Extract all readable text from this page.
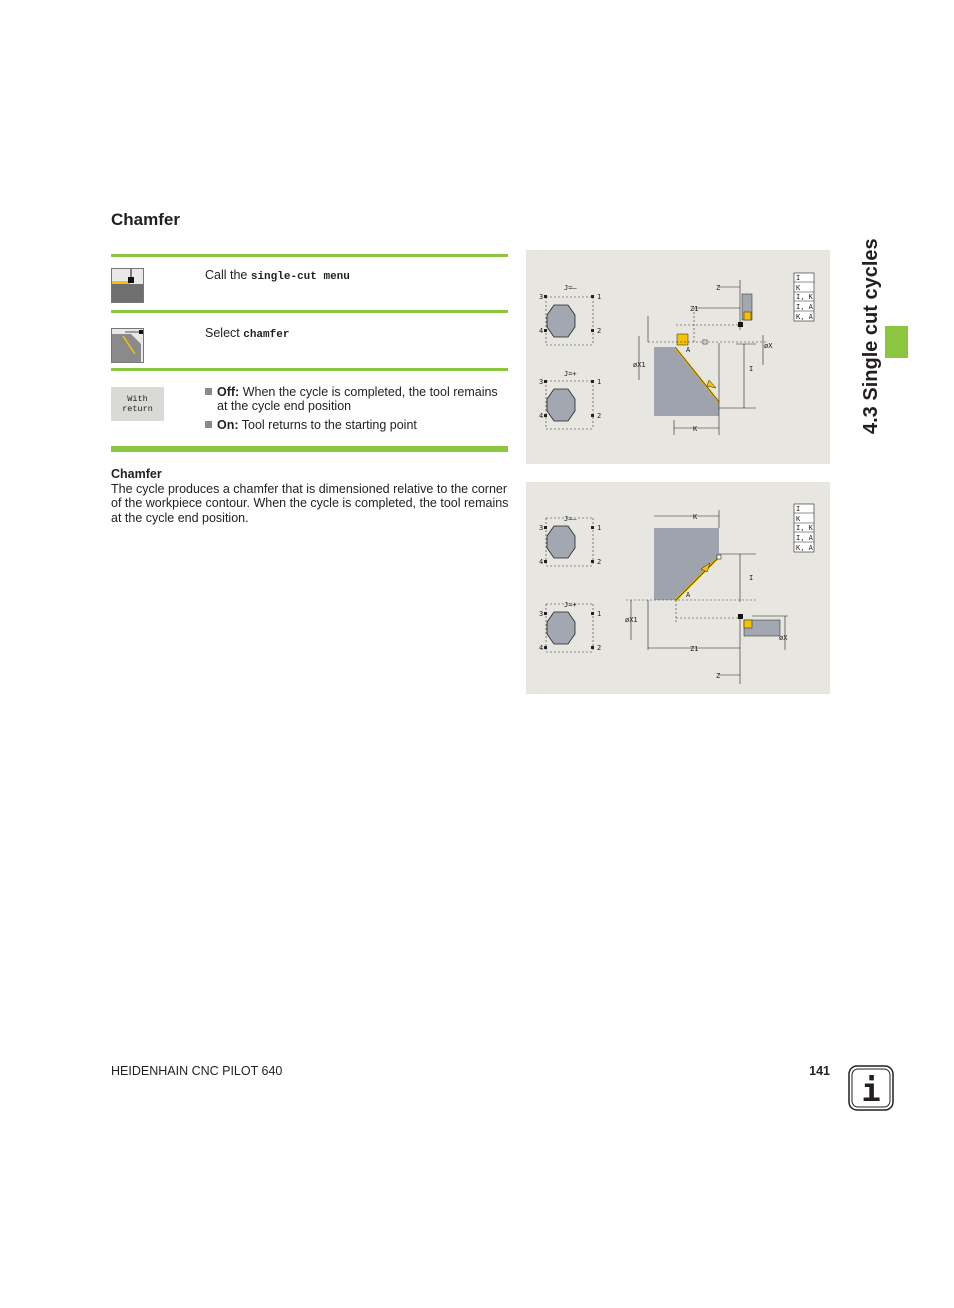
Chamfer
Call the single-cut menu
Select chamfer
With
return
Off: When the cycle is completed, the tool remains at the cycle end position
On: Tool returns to the starting point
Chamfer
The cycle produces a chamfer that is dimensioned relative to the corner of the workpiece contour. When the cycle is completed, the tool remains at the cycle end position.
J=–
J=+
3	1
4	2
3	1
4	2
Z
Z1
øX1
øX
I
K
A
I
K
I, K
I, A
K, A
J=–
J=+
3	1
4	2
3	1
4	2
K
I
A
øX1
øX
Z1
Z
I
K
I, K
I, A
K, A
4.3 Single cut cycles
HEIDENHAIN CNC PILOT 640	141 i
